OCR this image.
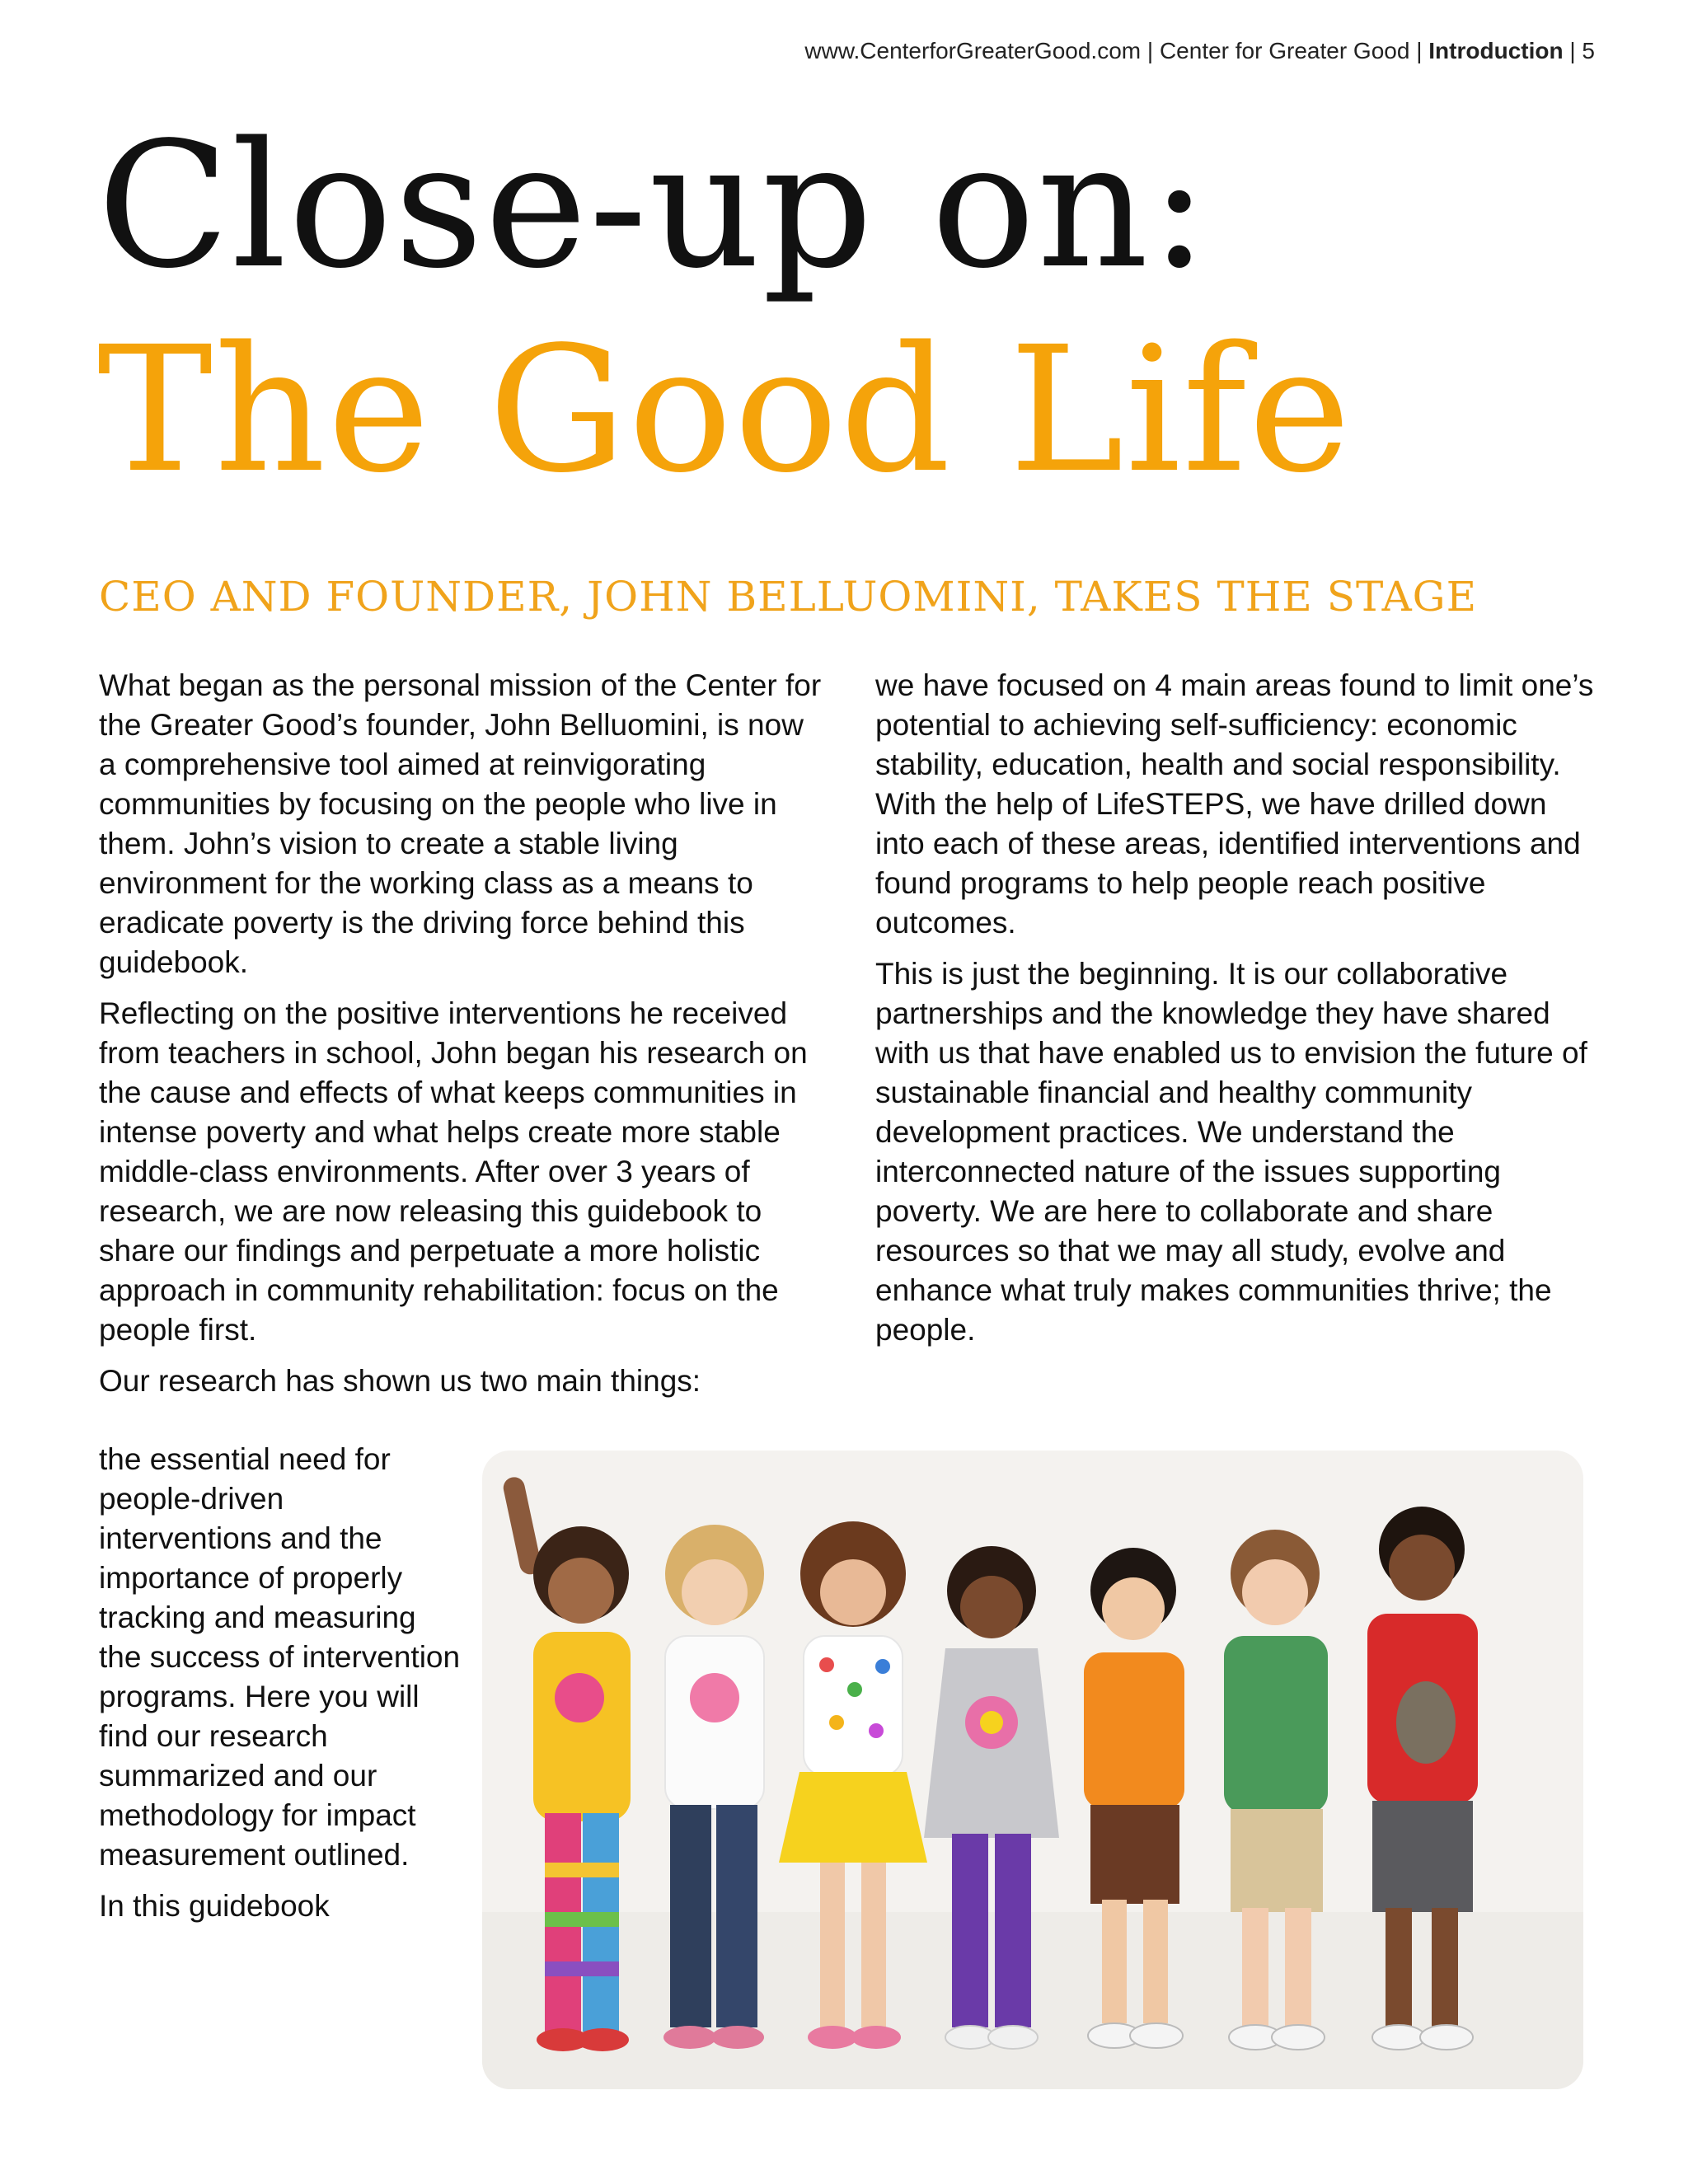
www.CenterforGreaterGood.com | Center for Greater Good | Introduction | 5
Close-up on:
The Good Life
CEO AND FOUNDER, JOHN BELLUOMINI, TAKES THE STAGE

What began as the personal mission of the Center for the Greater Good’s founder, John Belluomini, is now a comprehensive tool aimed at reinvigorating communities by focusing on the people who live in them. John’s vision to create a stable living environment for the working class as a means to eradicate poverty is the driving force behind this guidebook.

Reflecting on the positive interventions he received from teachers in school, John began his research on the cause and effects of what keeps communities in intense poverty and what helps create more stable middle-class environments. After over 3 years of research, we are now releasing this guidebook to share our findings and perpetuate a more holistic approach in community rehabilitation: focus on the people first.

Our research has shown us two main things:

the essential need for people-driven interventions and the importance of properly tracking and measuring the success of intervention programs. Here you will find our research summarized and our methodology for impact measurement outlined.

In this guidebook

we have focused on 4 main areas found to limit one’s potential to achieving self-sufficiency: economic stability, education, health and social responsibility. With the help of LifeSTEPS, we have drilled down into each of these areas, identified interventions and found programs to help people reach positive outcomes.

This is just the beginning. It is our collaborative partnerships and the knowledge they have shared with us that have enabled us to envision the future of sustainable financial and healthy community development practices. We understand the interconnected nature of the issues supporting poverty. We are here to collaborate and share resources so that we may all study, evolve and enhance what truly makes communities thrive; the people.
